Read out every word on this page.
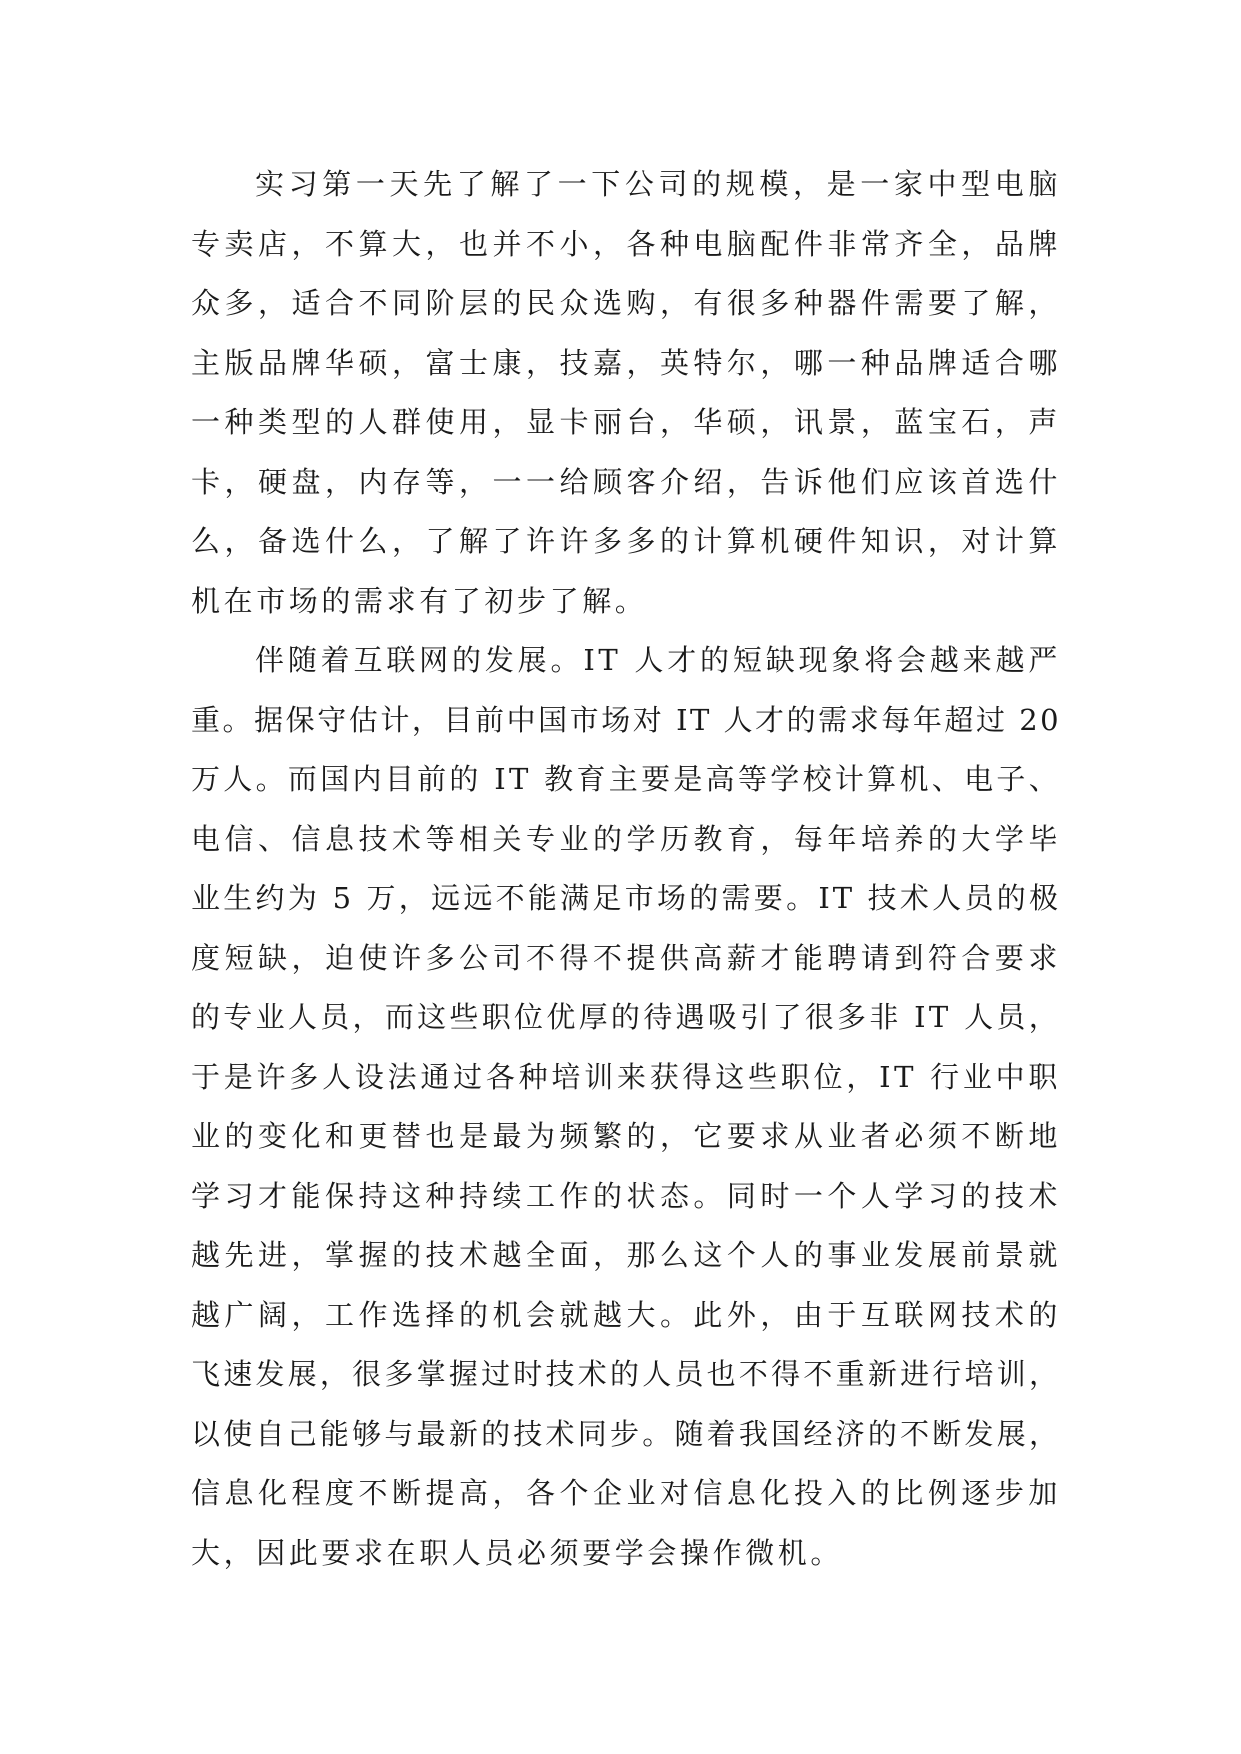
实习第一天先了解了一下公司的规模，是一家中型电脑
专卖店，不算大，也并不小，各种电脑配件非常齐全，品牌
众多，适合不同阶层的民众选购，有很多种器件需要了解，
主版品牌华硕，富士康，技嘉，英特尔，哪一种品牌适合哪
一种类型的人群使用，显卡丽台，华硕，讯景，蓝宝石，声
卡，硬盘，内存等，一一给顾客介绍，告诉他们应该首选什
么，备选什么，了解了许许多多的计算机硬件知识，对计算
机在市场的需求有了初步了解。
伴随着互联网的发展。IT 人才的短缺现象将会越来越严
重。据保守估计，目前中国市场对 IT 人才的需求每年超过 20
万人。而国内目前的 IT 教育主要是高等学校计算机、电子、
电信、信息技术等相关专业的学历教育，每年培养的大学毕
业生约为 5 万，远远不能满足市场的需要。IT 技术人员的极
度短缺，迫使许多公司不得不提供高薪才能聘请到符合要求
的专业人员，而这些职位优厚的待遇吸引了很多非 IT 人员，
于是许多人设法通过各种培训来获得这些职位，IT 行业中职
业的变化和更替也是最为频繁的，它要求从业者必须不断地
学习才能保持这种持续工作的状态。同时一个人学习的技术
越先进，掌握的技术越全面，那么这个人的事业发展前景就
越广阔，工作选择的机会就越大。此外，由于互联网技术的
飞速发展，很多掌握过时技术的人员也不得不重新进行培训，
以使自己能够与最新的技术同步。随着我国经济的不断发展，
信息化程度不断提高，各个企业对信息化投入的比例逐步加
大，因此要求在职人员必须要学会操作微机。
